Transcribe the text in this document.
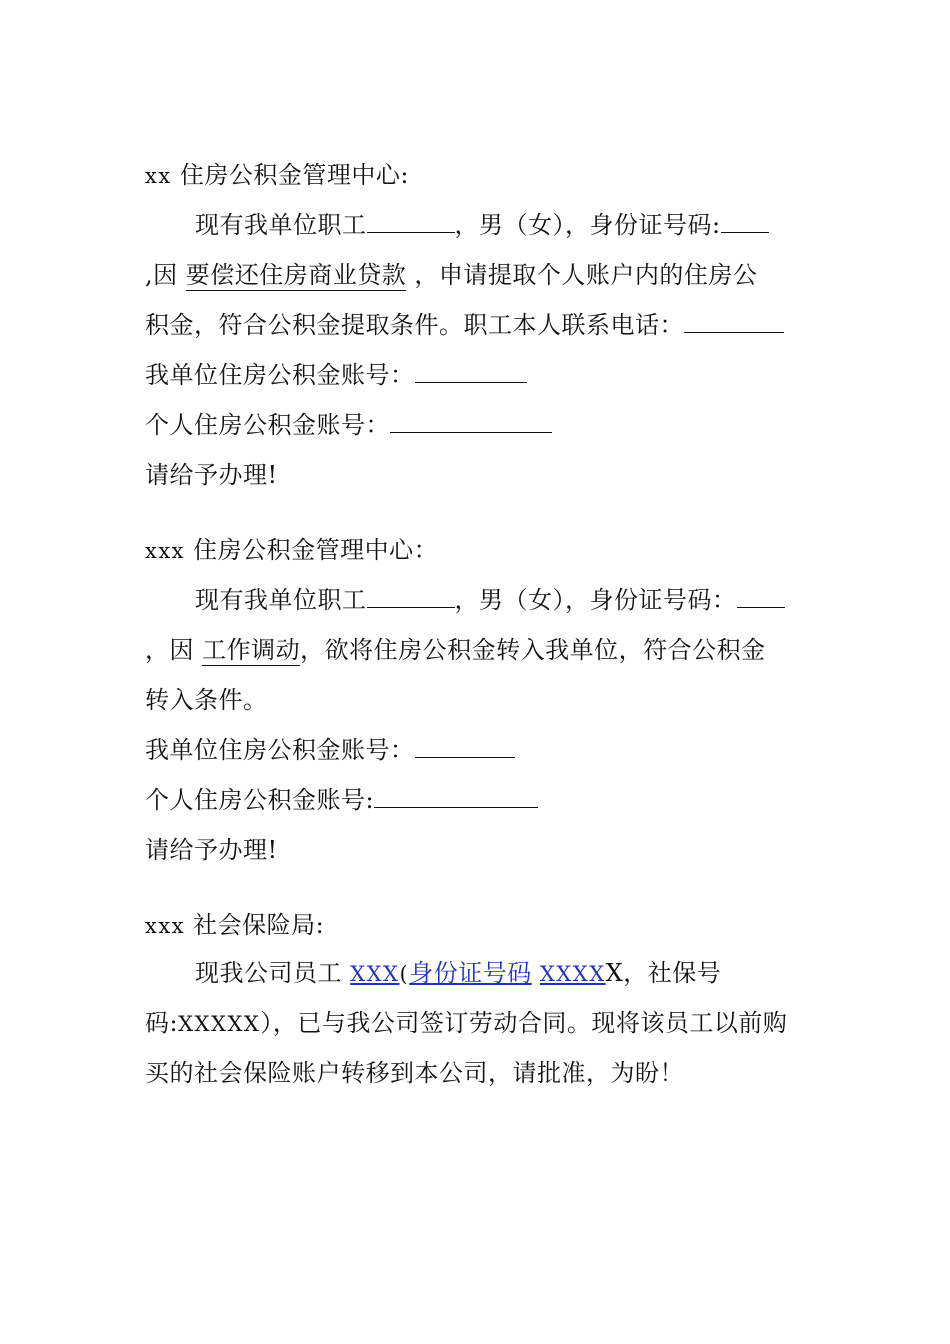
xx 住房公积金管理中心:
现有我单位职工	，男（女），身份证号码:
,因 要偿还住房商业贷款 ，申请提取个人账户内的住房公
积金，符合公积金提取条件。职工本人联系电话：
我单位住房公积金账号：
个人住房公积金账号：
请给予办理!
xxx 住房公积金管理中心：
现有我单位职工	，男（女），身份证号码：
，因 工作调动，欲将住房公积金转入我单位，符合公积金
转入条件。
我单位住房公积金账号：
个人住房公积金账号:
请给予办理!
xxx 社会保险局:
现我公司员工 XXX(身份证号码 XXXXX，社保号
码:XXXXX），已与我公司签订劳动合同。现将该员工以前购
买的社会保险账户转移到本公司，请批准，为盼！
